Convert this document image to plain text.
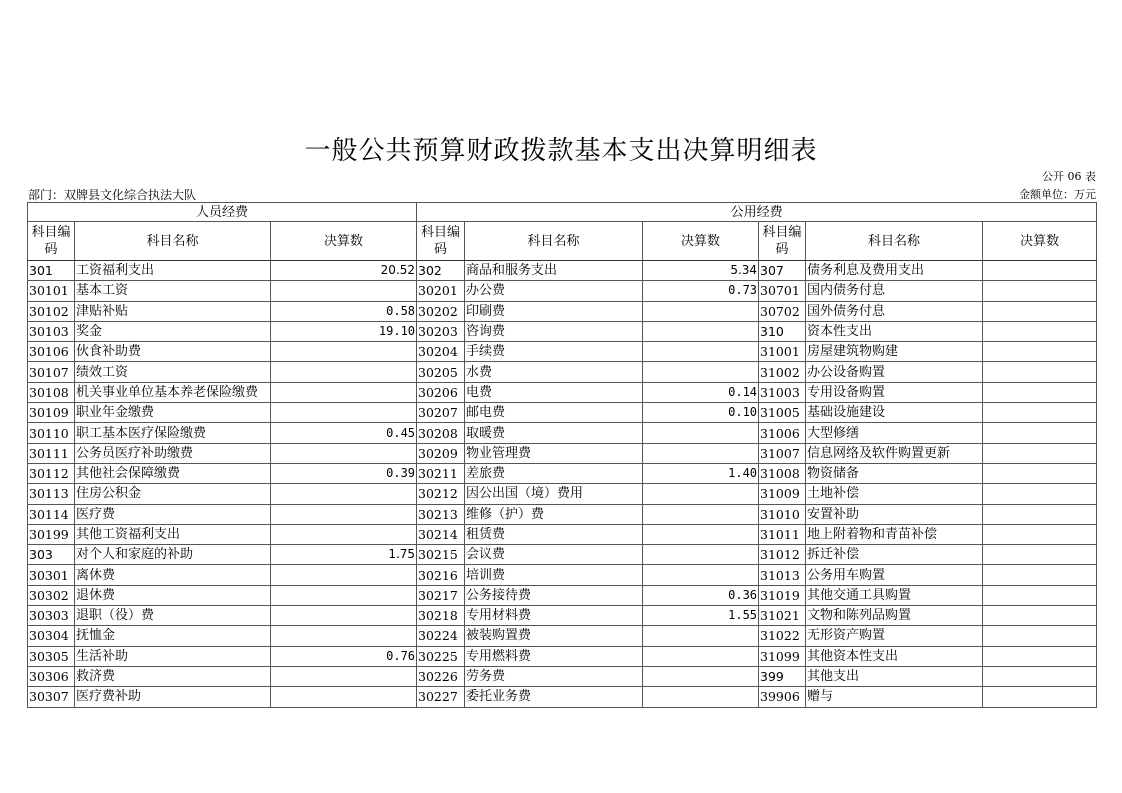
一般公共预算财政拨款基本支出决算明细表
公开 06 表
部门：双牌县文化综合执法大队	金额单位：万元
人员经费			公用经费					
科目编码	科目名称	决算数	科目编码	科目名称	决算数	科目编码	科目名称	决算数
301	工资福利支出	20.52	302	商品和服务支出	5.34	307	债务利息及费用支出	
30101	基本工资		30201	办公费	0.73	30701	国内债务付息	
30102	津贴补贴	0.58	30202	印刷费		30702	国外债务付息	
30103	奖金	19.10	30203	咨询费		310	资本性支出	
30106	伙食补助费		30204	手续费		31001	房屋建筑物购建	
30107	绩效工资		30205	水费		31002	办公设备购置	
30108	机关事业单位基本养老保险缴费		30206	电费	0.14	31003	专用设备购置	
30109	职业年金缴费		30207	邮电费	0.10	31005	基础设施建设	
30110	职工基本医疗保险缴费	0.45	30208	取暖费		31006	大型修缮	
30111	公务员医疗补助缴费		30209	物业管理费		31007	信息网络及软件购置更新	
30112	其他社会保障缴费	0.39	30211	差旅费	1.40	31008	物资储备	
30113	住房公积金		30212	因公出国（境）费用		31009	土地补偿	
30114	医疗费		30213	维修（护）费		31010	安置补助	
30199	其他工资福利支出		30214	租赁费		31011	地上附着物和青苗补偿	
303	对个人和家庭的补助	1.75	30215	会议费		31012	拆迁补偿	
30301	离休费		30216	培训费		31013	公务用车购置	
30302	退休费		30217	公务接待费	0.36	31019	其他交通工具购置	
30303	退职（役）费		30218	专用材料费	1.55	31021	文物和陈列品购置	
30304	抚恤金		30224	被装购置费		31022	无形资产购置	
30305	生活补助	0.76	30225	专用燃料费		31099	其他资本性支出	
30306	救济费		30226	劳务费		399	其他支出	
30307	医疗费补助		30227	委托业务费		39906	赠与	
